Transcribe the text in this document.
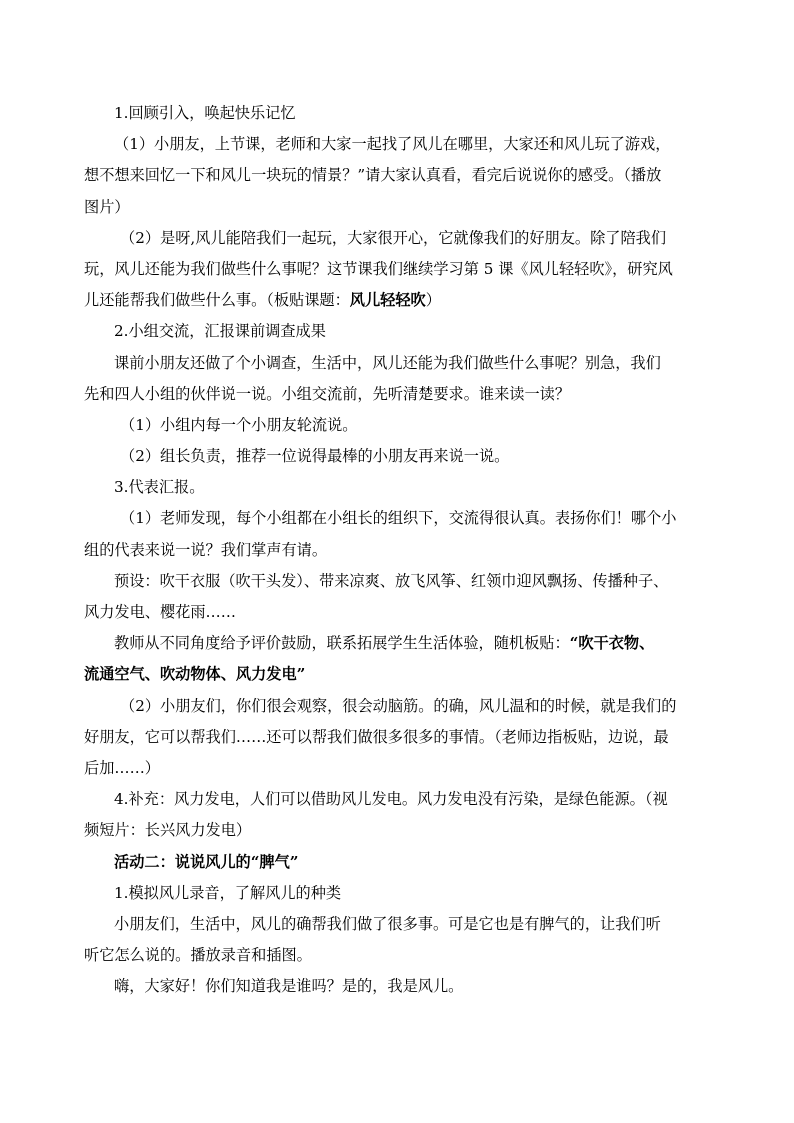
1.回顾引入，唤起快乐记忆
（1）小朋友，上节课，老师和大家一起找了风儿在哪里，大家还和风儿玩了游戏，
想不想来回忆一下和风儿一块玩的情景？”请大家认真看，看完后说说你的感受。（播放
图片）
（2）是呀,风儿能陪我们一起玩，大家很开心，它就像我们的好朋友。除了陪我们
玩，风儿还能为我们做些什么事呢？这节课我们继续学习第 5 课《风儿轻轻吹》，研究风
儿还能帮我们做些什么事。（板贴课题：风儿轻轻吹）
2.小组交流，汇报课前调查成果
课前小朋友还做了个小调查，生活中，风儿还能为我们做些什么事呢？别急，我们
先和四人小组的伙伴说一说。小组交流前，先听清楚要求。谁来读一读？
（1）小组内每一个小朋友轮流说。
（2）组长负责，推荐一位说得最棒的小朋友再来说一说。
3.代表汇报。
（1）老师发现，每个小组都在小组长的组织下，交流得很认真。表扬你们！哪个小
组的代表来说一说？我们掌声有请。
预设：吹干衣服（吹干头发）、带来凉爽、放飞风筝、红领巾迎风飘扬、传播种子、
风力发电、樱花雨……
教师从不同角度给予评价鼓励，联系拓展学生生活体验，随机板贴：“吹干衣物、
流通空气、吹动物体、风力发电”
（2）小朋友们，你们很会观察，很会动脑筋。的确，风儿温和的时候，就是我们的
好朋友，它可以帮我们……还可以帮我们做很多很多的事情。（老师边指板贴，边说，最
后加……）
4.补充：风力发电，人们可以借助风儿发电。风力发电没有污染，是绿色能源。（视
频短片：长兴风力发电）
活动二：说说风儿的“脾气”
1.模拟风儿录音，了解风儿的种类
小朋友们，生活中，风儿的确帮我们做了很多事。可是它也是有脾气的，让我们听
听它怎么说的。播放录音和插图。
嗨，大家好！你们知道我是谁吗？是的，我是风儿。
